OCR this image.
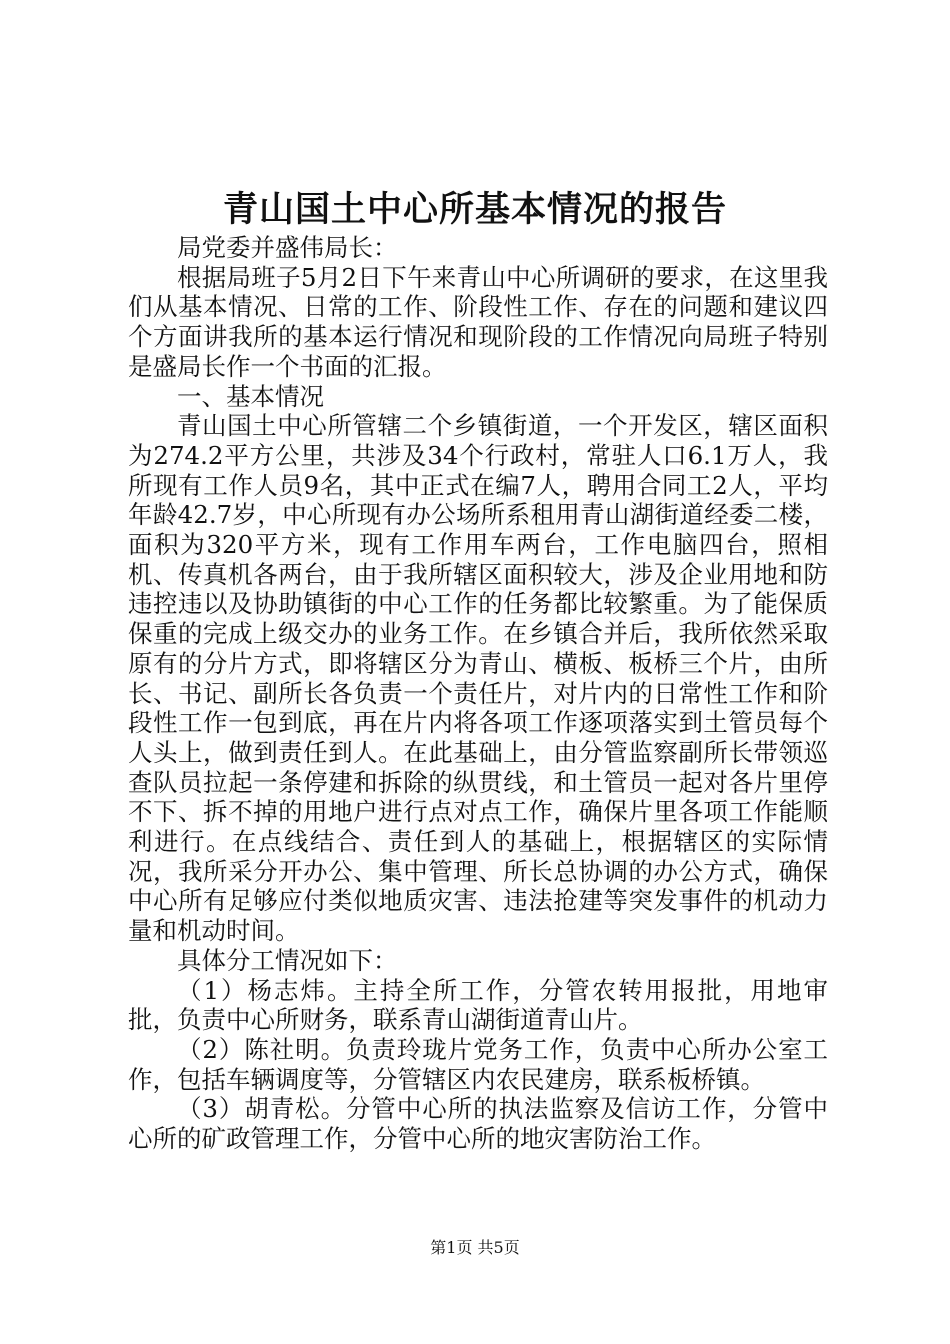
青山国土中心所基本情况的报告

局党委并盛伟局长：

根据局班子5月2日下午来青山中心所调研的要求，在这里我们从基本情况、日常的工作、阶段性工作、存在的问题和建议四个方面讲我所的基本运行情况和现阶段的工作情况向局班子特别是盛局长作一个书面的汇报。

一、基本情况

青山国土中心所管辖二个乡镇街道，一个开发区，辖区面积为274.2平方公里，共涉及34个行政村，常驻人口6.1万人，我所现有工作人员9名，其中正式在编7人，聘用合同工2人，平均年龄42.7岁，中心所现有办公场所系租用青山湖街道经委二楼，面积为320平方米，现有工作用车两台，工作电脑四台，照相机、传真机各两台，由于我所辖区面积较大，涉及企业用地和防违控违以及协助镇街的中心工作的任务都比较繁重。为了能保质保重的完成上级交办的业务工作。在乡镇合并后，我所依然采取原有的分片方式，即将辖区分为青山、横板、板桥三个片，由所长、书记、副所长各负责一个责任片，对片内的日常性工作和阶段性工作一包到底，再在片内将各项工作逐项落实到土管员每个人头上，做到责任到人。在此基础上，由分管监察副所长带领巡查队员拉起一条停建和拆除的纵贯线，和土管员一起对各片里停不下、拆不掉的用地户进行点对点工作，确保片里各项工作能顺利进行。在点线结合、责任到人的基础上，根据辖区的实际情况，我所采分开办公、集中管理、所长总协调的办公方式，确保中心所有足够应付类似地质灾害、违法抢建等突发事件的机动力量和机动时间。

具体分工情况如下：

（1）杨志炜。主持全所工作，分管农转用报批，用地审批，负责中心所财务，联系青山湖街道青山片。

（2）陈社明。负责玲珑片党务工作，负责中心所办公室工作，包括车辆调度等，分管辖区内农民建房，联系板桥镇。

（3）胡青松。分管中心所的执法监察及信访工作，分管中心所的矿政管理工作，分管中心所的地灾害防治工作。

第1页 共5页
